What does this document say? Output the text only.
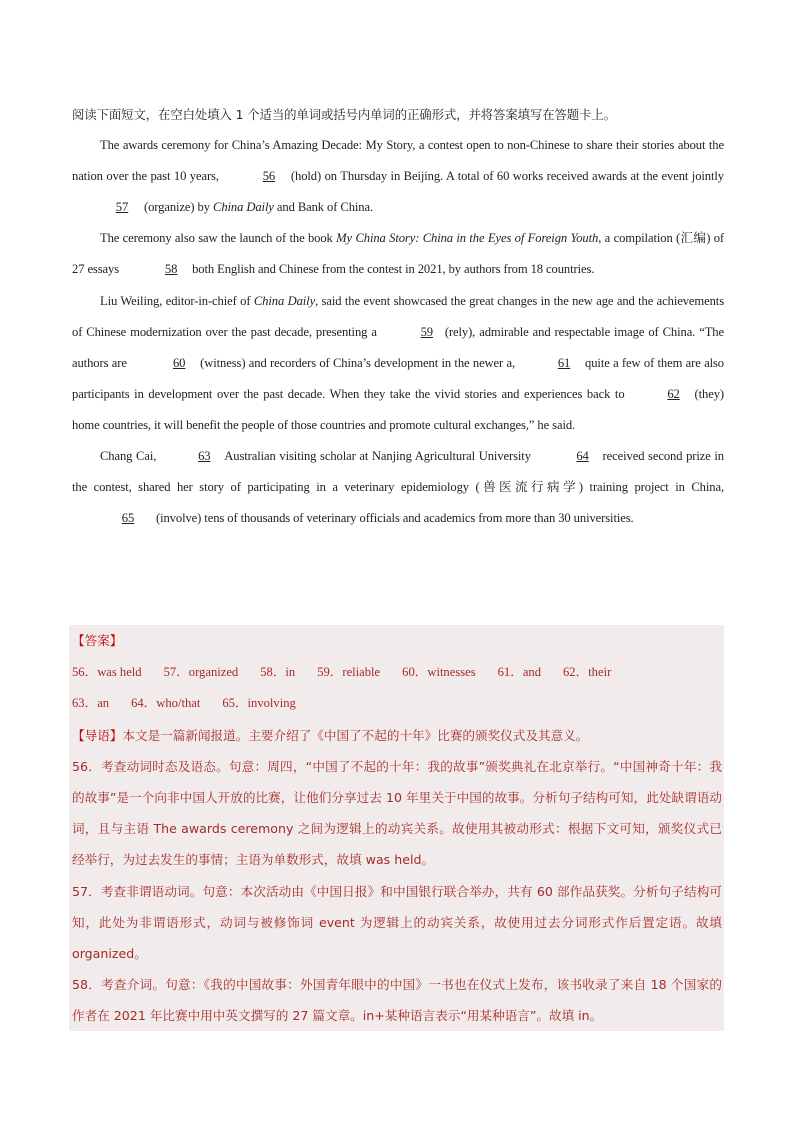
阅读下面短文，在空白处填入 1 个适当的单词或括号内单词的正确形式，并将答案填写在答题卡上。

The awards ceremony for China’s Amazing Decade: My Story, a contest open to non-Chinese to share their stories about the nation over the past 10 years,	56 (hold) on Thursday in Beijing. A total of 60 works received awards at the event jointly 57 (organize) by China Daily and Bank of China.

The ceremony also saw the launch of the book My China Story: China in the Eyes of Foreign Youth, a compilation (汇编) of 27 essays	58 both English and Chinese from the contest in 2021, by authors from 18 countries.

Liu Weiling, editor-in-chief of China Daily, said the event showcased the great changes in the new age and the achievements of Chinese modernization over the past decade, presenting a	59 (rely), admirable and respectable image of China. “The authors are	60 (witness) and recorders of China’s development in the newer a,	61 quite a few of them are also participants in development over the past decade. When they take the vivid stories and experiences back to	62 (they) home countries, it will benefit the people of those countries and promote cultural exchanges,” he said.

Chang Cai,	63 Australian visiting scholar at Nanjing Agricultural University	64 received second prize in the contest, shared her story of participating in a veterinary epidemiology (兽医流行病学) training project in China,65 (involve) tens of thousands of veterinary officials and academics from more than 30 universities.

【答案】

56．was held 57．organized 58．in 59．reliable 60．witnesses 61．and 62．their

63．an 64．who/that 65．involving

【导语】本文是一篇新闻报道。主要介绍了《中国了不起的十年》比赛的颁奖仪式及其意义。

56．考查动词时态及语态。句意：周四，“中国了不起的十年：我的故事”颁奖典礼在北京举行。“中国神奇十年：我的故事”是一个向非中国人开放的比赛，让他们分享过去 10 年里关于中国的故事。分析句子结构可知，此处缺谓语动词，且与主语 The awards ceremony 之间为逻辑上的动宾关系。故使用其被动形式：根据下文可知，颁奖仪式已经举行，为过去发生的事情；主语为单数形式，故填 was held。

57．考查非谓语动词。句意：本次活动由《中国日报》和中国银行联合举办，共有 60 部作品获奖。分析句子结构可知，此处为非谓语形式，动词与被修饰词 event 为逻辑上的动宾关系，故使用过去分词形式作后置定语。故填 organized。

58．考查介词。句意：《我的中国故事：外国青年眼中的中国》一书也在仪式上发布，该书收录了来自 18 个国家的作者在 2021 年比赛中用中英文撰写的 27 篇文章。in+某种语言表示“用某种语言”。故填 in。
